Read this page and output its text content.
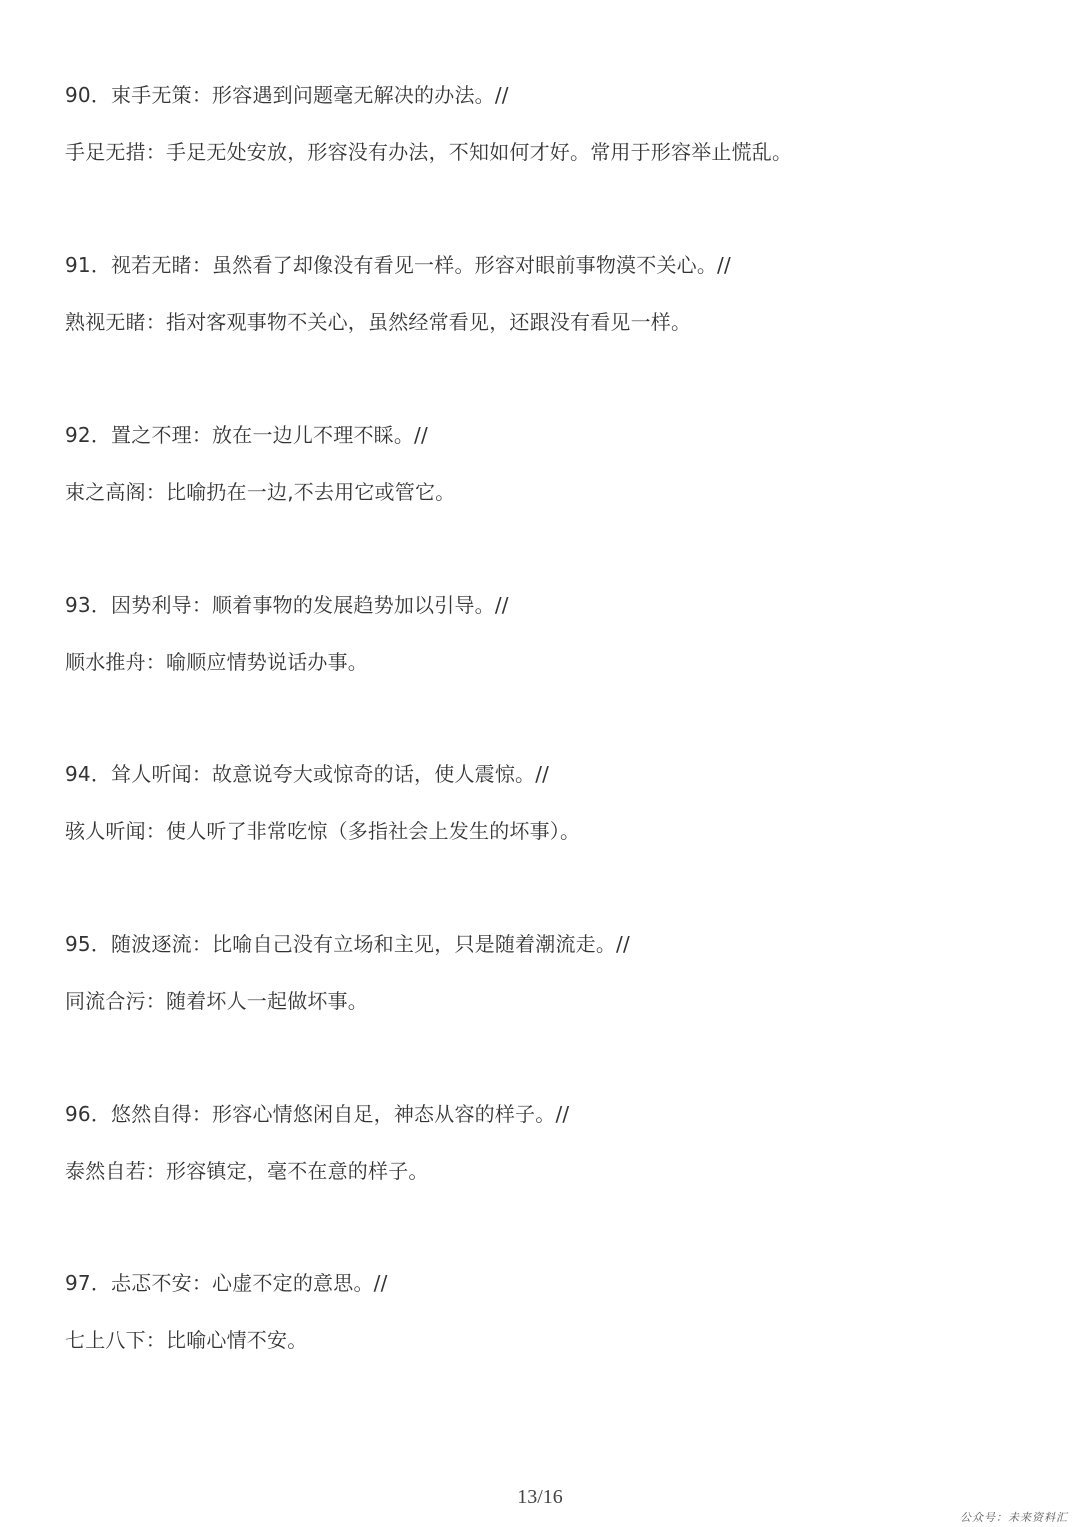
90．束手无策：形容遇到问题毫无解决的办法。//
手足无措：手足无处安放，形容没有办法，不知如何才好。常用于形容举止慌乱。
91．视若无睹：虽然看了却像没有看见一样。形容对眼前事物漠不关心。//
熟视无睹：指对客观事物不关心，虽然经常看见，还跟没有看见一样。
92．置之不理：放在一边儿不理不睬。//
束之高阁：比喻扔在一边,不去用它或管它。
93．因势利导：顺着事物的发展趋势加以引导。//
顺水推舟：喻顺应情势说话办事。
94．耸人听闻：故意说夸大或惊奇的话，使人震惊。//
骇人听闻：使人听了非常吃惊（多指社会上发生的坏事）。
95．随波逐流：比喻自己没有立场和主见，只是随着潮流走。//
同流合污：随着坏人一起做坏事。
96．悠然自得：形容心情悠闲自足，神态从容的样子。//
泰然自若：形容镇定，毫不在意的样子。
97．忐忑不安：心虚不定的意思。//
七上八下：比喻心情不安。
13/16
公众号：未来资料汇
